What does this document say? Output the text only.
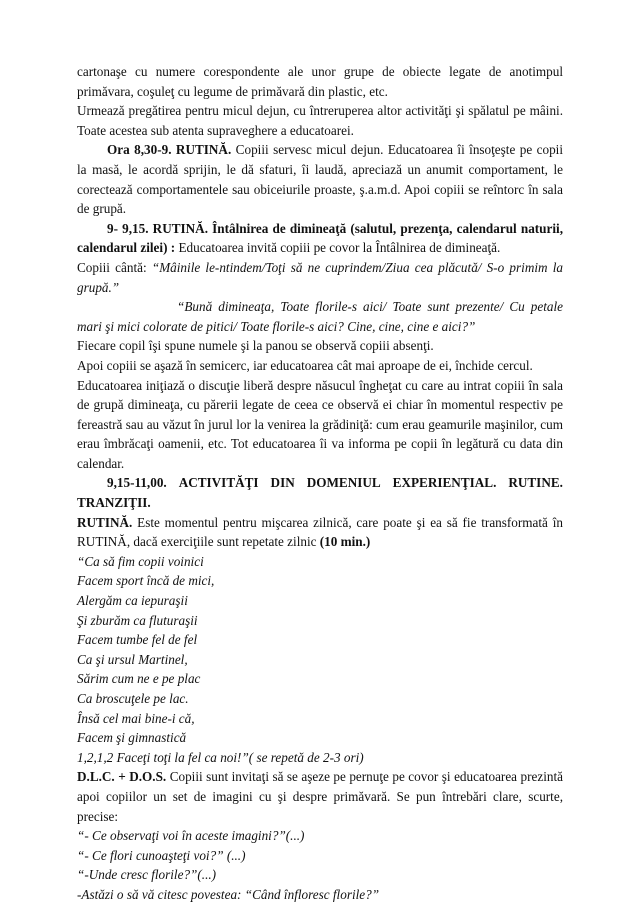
cartonaşe cu numere corespondente ale unor grupe de obiecte legate de anotimpul primăvara, coşuleţ cu legume de primăvară din plastic, etc.

Urmează pregătirea pentru micul dejun, cu întreruperea altor activităţi şi spălatul pe mâini. Toate acestea sub atenta supraveghere a educatoarei.

Ora 8,30-9. RUTINĂ. Copiii servesc micul dejun. Educatoarea îi însoţeşte pe copii la masă, le acordă sprijin, le dă sfaturi, îi laudă, apreciază un anumit comportament, le corectează comportamentele sau obiceiurile proaste, ş.a.m.d. Apoi copiii se reîntorc în sala de grupă.

9- 9,15. RUTINĂ. Întâlnirea de dimineaţă (salutul, prezenţa, calendarul naturii, calendarul zilei) : Educatoarea invită copiii pe covor la Întâlnirea de dimineaţă.

Copiii cântă: “Mâinile le-ntindem/Toţi să ne cuprindem/Ziua cea plăcută/ S-o primim la grupă.”

“Bună dimineaţa, Toate florile-s aici/ Toate sunt prezente/ Cu petale mari şi mici colorate de pitici/ Toate florile-s aici? Cine, cine, cine e aici?”

Fiecare copil îşi spune numele şi la panou se observă copiii absenţi.

Apoi copiii se aşază în semicerc, iar educatoarea cât mai aproape de ei, închide cercul.

Educatoarea iniţiază o discuţie liberă despre năsucul îngheţat cu care au intrat copiii în sala de grupă dimineaţa, cu părerii legate de ceea ce observă ei chiar în momentul respectiv pe fereastră sau au văzut în jurul lor la venirea la grădiniţă: cum erau geamurile maşinilor, cum erau îmbrăcaţi oamenii, etc. Tot educatoarea îi va informa pe copii în legătură cu data din calendar.

9,15-11,00. ACTIVITĂŢI DIN DOMENIUL EXPERIENŢIAL. RUTINE.

TRANZIŢII.

RUTINĂ. Este momentul pentru mişcarea zilnică, care poate şi ea să fie transformată în RUTINĂ, dacă exerciţiile sunt repetate zilnic (10 min.)

“Ca să fim copii voinici

Facem sport încă de mici,

Alergăm ca iepuraşii

Şi zburăm ca fluturaşii

Facem tumbe fel de fel

Ca şi ursul Martinel,

Sărim cum ne e pe plac

Ca broscuţele pe lac.

Însă cel mai bine-i că,

Facem şi gimnastică

1,2,1,2 Faceţi toţi la fel ca noi!”( se repetă de 2-3 ori)

D.L.C. + D.O.S. Copiii sunt invitaţi să se aşeze pe pernuţe pe covor şi educatoarea prezintă apoi copiilor un set de imagini cu şi despre primăvară. Se pun întrebări clare, scurte, precise:

“- Ce observaţi voi în aceste imagini?”(...)

“- Ce flori cunoaşteţi voi?” (...)

“-Unde cresc florile?”(...)

-Astăzi o să vă citesc povestea: “Când înfloresc florile?”
